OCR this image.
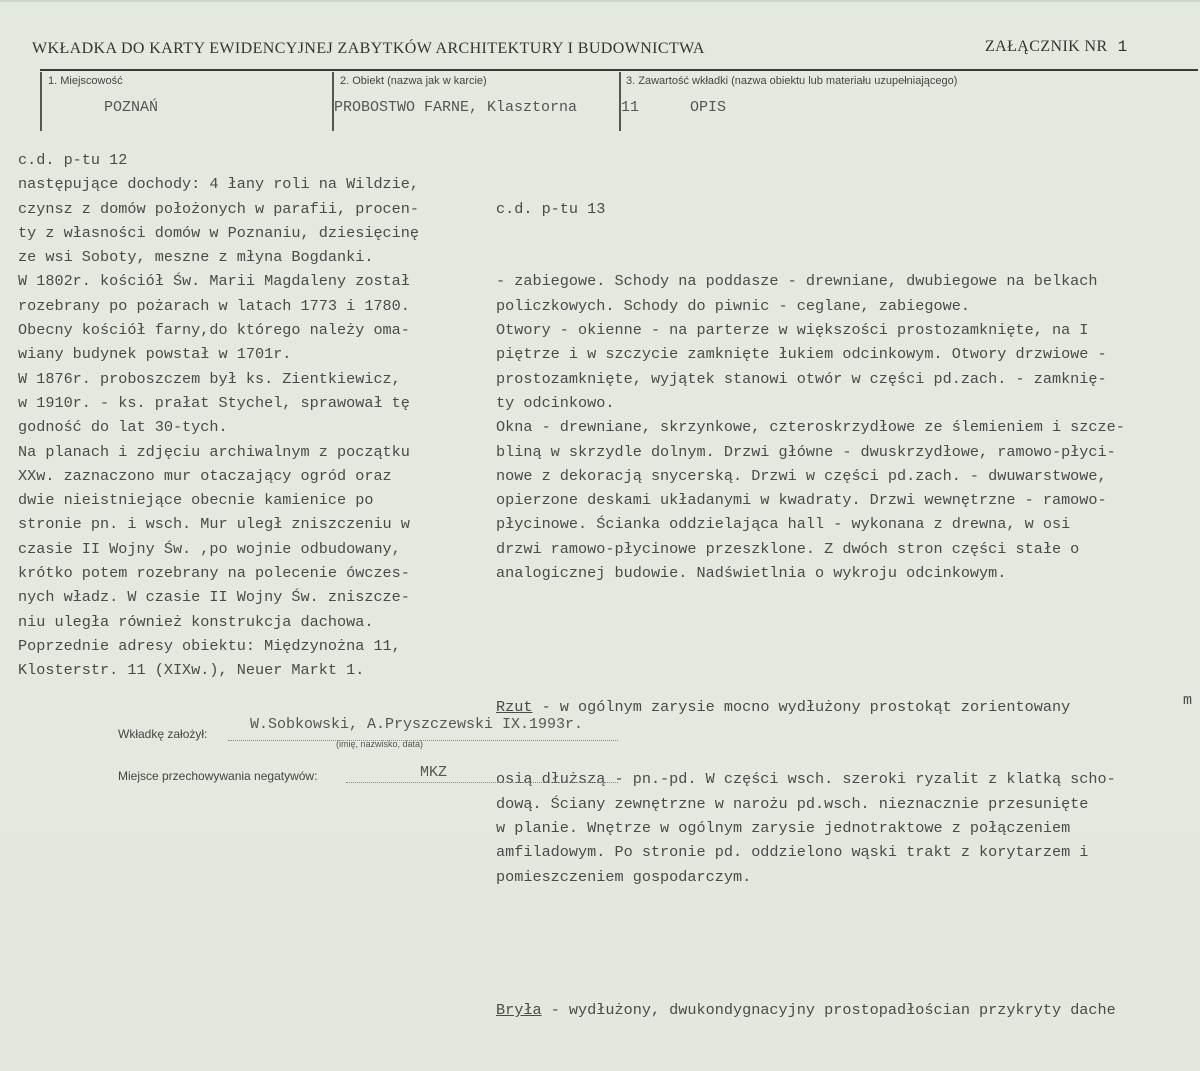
WKŁADKA DO KARTY EWIDENCYJNEJ ZABYTKÓW ARCHITEKTURY I BUDOWNICTWA	ZAŁĄCZNIK NR 1
1. Miejscowość
POZNAŃ
2. Obiekt (nazwa jak w karcie)
PROBOSTWO FARNE, Klasztorna
3. Zawartość wkładki (nazwa obiektu lub materiału uzupełniającego)
11	OPIS
c.d. p-tu 12
następujące dochody: 4 łany roli na Wildzie,
czynsz z domów położonych w parafii, procen-
ty z własności domów w Poznaniu, dziesięcinę
ze wsi Soboty, meszne z młyna Bogdanki.
W 1802r. kościół Św. Marii Magdaleny został
rozebrany po pożarach w latach 1773 i 1780.
Obecny kościół farny,do którego należy oma-
wiany budynek powstał w 1701r.
W 1876r. proboszczem był ks. Zientkiewicz,
w 1910r. - ks. prałat Stychel, sprawował tę
godność do lat 30-tych.
Na planach i zdjęciu archiwalnym z początku
XXw. zaznaczono mur otaczający ogród oraz
dwie nieistniejące obecnie kamienice po
stronie pn. i wsch. Mur uległ zniszczeniu w
czasie II Wojny Św. ,po wojnie odbudowany,
krótko potem rozebrany na polecenie ówczes-
nych władz. W czasie II Wojny Św. zniszcze-
niu uległa również konstrukcja dachowa.
Poprzednie adresy obiektu: Międzynożna 11,
Klosterstr. 11 (XIXw.), Neuer Markt 1.

c.d. p-tu 13

- zabiegowe. Schody na poddasze - drewniane, dwubiegowe na belkach
policzkowych. Schody do piwnic - ceglane, zabiegowe.
Otwory - okienne - na parterze w większości prostozamknięte, na I
piętrze i w szczycie zamknięte łukiem odcinkowym. Otwory drzwiowe -
prostozamknięte, wyjątek stanowi otwór w części pd.zach. - zamknię-
ty odcinkowo.
Okna - drewniane, skrzynkowe, czteroskrzydłowe ze ślemieniem i szcze-
bliną w skrzydle dolnym. Drzwi główne - dwuskrzydłowe, ramowo-płyci-
nowe z dekoracją snycerską. Drzwi w części pd.zach. - dwuwarstwowe,
opierzone deskami układanymi w kwadraty. Drzwi wewnętrzne - ramowo-
płycinowe. Ścianka oddzielająca hall - wykonana z drewna, w osi
drzwi ramowo-płycinowe przeszklone. Z dwóch stron części stałe o
analogicznej budowie. Nadświetlnia o wykroju odcinkowym.

Rzut - w ogólnym zarysie mocno wydłużony prostokąt zorientowany

osią dłuższą - pn.-pd. W części wsch. szeroki ryzalit z klatką scho-
dową. Ściany zewnętrzne w narożu pd.wsch. nieznacznie przesunięte
w planie. Wnętrze w ogólnym zarysie jednotraktowe z połączeniem
amfiladowym. Po stronie pd. oddzielono wąski trakt z korytarzem i
pomieszczeniem gospodarczym.

Bryła - wydłużony, dwukondygnacyjny prostopadłościan przykryty dache

m
Wkładkę założył:
W.Sobkowski, A.Pryszczewski IX.1993r.
(imię, nazwisko, data)
Miejsce przechowywania negatywów:	MKZ
